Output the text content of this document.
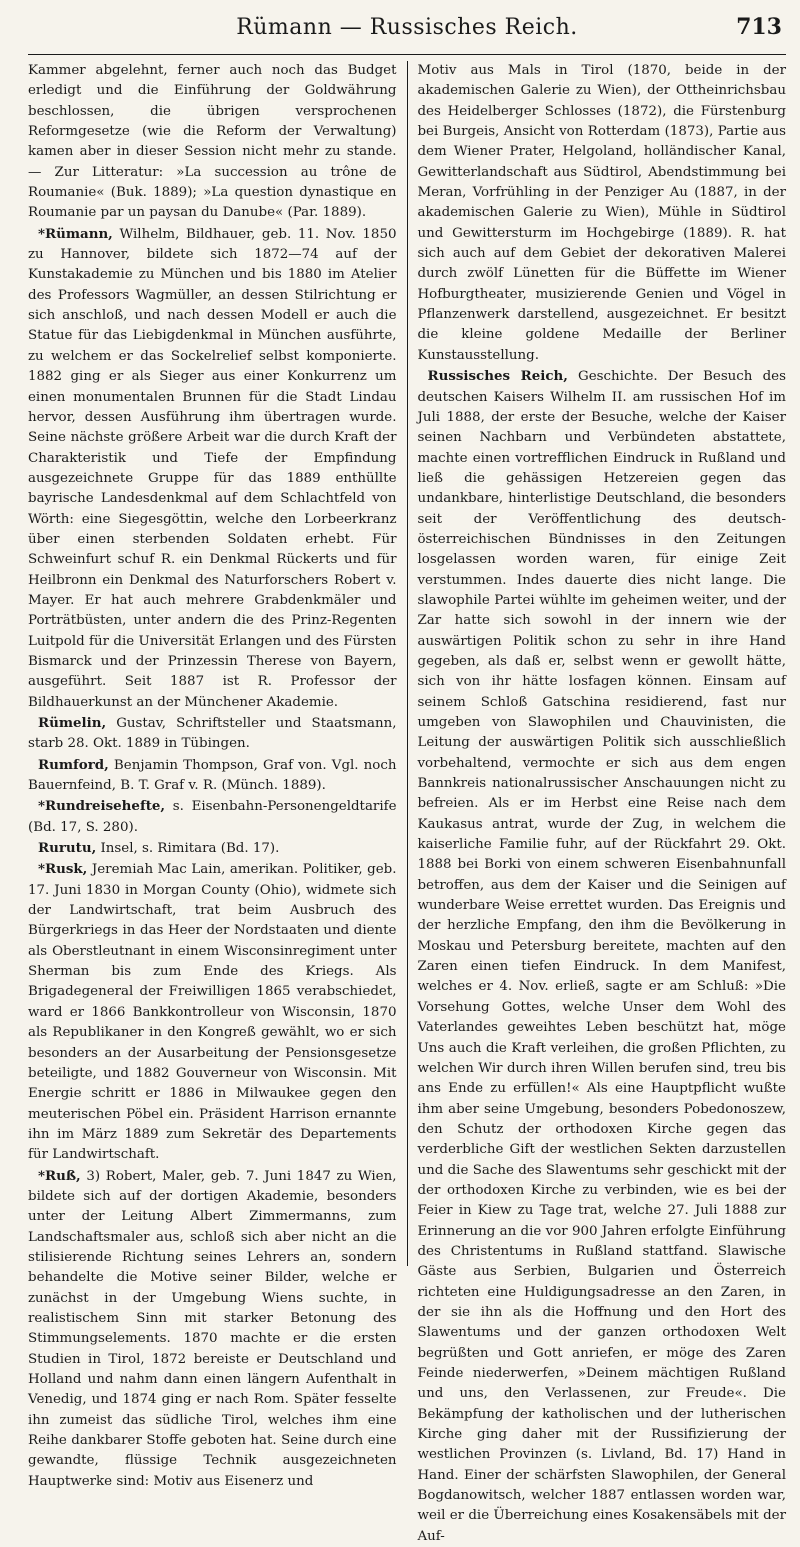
Rümann — Russisches Reich.	713

Kammer abgelehnt, ferner auch noch das Budget erledigt und die Einführung der Goldwährung beschlossen, die übrigen versprochenen Reformgesetze (wie die Reform der Verwaltung) kamen aber in dieser Session nicht mehr zu stande. — Zur Litteratur: »La succession au trône de Roumanie« (Buk. 1889); »La question dynastique en Roumanie par un paysan du Danube« (Par. 1889).

*Rümann, Wilhelm, Bildhauer, geb. 11. Nov. 1850 zu Hannover, bildete sich 1872—74 auf der Kunstakademie zu München und bis 1880 im Atelier des Professors Wagmüller, an dessen Stilrichtung er sich anschloß, und nach dessen Modell er auch die Statue für das Liebigdenkmal in München ausführte, zu welchem er das Sockelrelief selbst komponierte. 1882 ging er als Sieger aus einer Konkurrenz um einen monumentalen Brunnen für die Stadt Lindau hervor, dessen Ausführung ihm übertragen wurde. Seine nächste größere Arbeit war die durch Kraft der Charakteristik und Tiefe der Empfindung ausgezeichnete Gruppe für das 1889 enthüllte bayrische Landesdenkmal auf dem Schlachtfeld von Wörth: eine Siegesgöttin, welche den Lorbeerkranz über einen sterbenden Soldaten erhebt. Für Schweinfurt schuf R. ein Denkmal Rückerts und für Heilbronn ein Denkmal des Naturforschers Robert v. Mayer. Er hat auch mehrere Grabdenkmäler und Porträtbüsten, unter andern die des Prinz-Regenten Luitpold für die Universität Erlangen und des Fürsten Bismarck und der Prinzessin Therese von Bayern, ausgeführt. Seit 1887 ist R. Professor der Bildhauerkunst an der Münchener Akademie.

Rümelin, Gustav, Schriftsteller und Staatsmann, starb 28. Okt. 1889 in Tübingen.

Rumford, Benjamin Thompson, Graf von. Vgl. noch Bauernfeind, B. T. Graf v. R. (Münch. 1889).

*Rundreisehefte, s. Eisenbahn-Personengeldtarife (Bd. 17, S. 280).

Rurutu, Insel, s. Rimitara (Bd. 17).

*Rusk, Jeremiah Mac Lain, amerikan. Politiker, geb. 17. Juni 1830 in Morgan County (Ohio), widmete sich der Landwirtschaft, trat beim Ausbruch des Bürgerkriegs in das Heer der Nordstaaten und diente als Oberstleutnant in einem Wisconsinregiment unter Sherman bis zum Ende des Kriegs. Als Brigadegeneral der Freiwilligen 1865 verabschiedet, ward er 1866 Bankkontrolleur von Wisconsin, 1870 als Republikaner in den Kongreß gewählt, wo er sich besonders an der Ausarbeitung der Pensionsgesetze beteiligte, und 1882 Gouverneur von Wisconsin. Mit Energie schritt er 1886 in Milwaukee gegen den meuterischen Pöbel ein. Präsident Harrison ernannte ihn im März 1889 zum Sekretär des Departements für Landwirtschaft.

*Ruß, 3) Robert, Maler, geb. 7. Juni 1847 zu Wien, bildete sich auf der dortigen Akademie, besonders unter der Leitung Albert Zimmermanns, zum Landschaftsmaler aus, schloß sich aber nicht an die stilisierende Richtung seines Lehrers an, sondern behandelte die Motive seiner Bilder, welche er zunächst in der Umgebung Wiens suchte, in realistischem Sinn mit starker Betonung des Stimmungselements. 1870 machte er die ersten Studien in Tirol, 1872 bereiste er Deutschland und Holland und nahm dann einen längern Aufenthalt in Venedig, und 1874 ging er nach Rom. Später fesselte ihn zumeist das südliche Tirol, welches ihm eine Reihe dankbarer Stoffe geboten hat. Seine durch eine gewandte, flüssige Technik ausgezeichneten Hauptwerke sind: Motiv aus Eisenerz und

Motiv aus Mals in Tirol (1870, beide in der akademischen Galerie zu Wien), der Ottheinrichsbau des Heidelberger Schlosses (1872), die Fürstenburg bei Burgeis, Ansicht von Rotterdam (1873), Partie aus dem Wiener Prater, Helgoland, holländischer Kanal, Gewitterlandschaft aus Südtirol, Abendstimmung bei Meran, Vorfrühling in der Penziger Au (1887, in der akademischen Galerie zu Wien), Mühle in Südtirol und Gewittersturm im Hochgebirge (1889). R. hat sich auch auf dem Gebiet der dekorativen Malerei durch zwölf Lünetten für die Büffette im Wiener Hofburgtheater, musizierende Genien und Vögel in Pflanzenwerk darstellend, ausgezeichnet. Er besitzt die kleine goldene Medaille der Berliner Kunstausstellung.

Russisches Reich, Geschichte. Der Besuch des deutschen Kaisers Wilhelm II. am russischen Hof im Juli 1888, der erste der Besuche, welche der Kaiser seinen Nachbarn und Verbündeten abstattete, machte einen vortrefflichen Eindruck in Rußland und ließ die gehässigen Hetzereien gegen das undankbare, hinterlistige Deutschland, die besonders seit der Veröffentlichung des deutsch-österreichischen Bündnisses in den Zeitungen losgelassen worden waren, für einige Zeit verstummen. Indes dauerte dies nicht lange. Die slawophile Partei wühlte im geheimen weiter, und der Zar hatte sich sowohl in der innern wie der auswärtigen Politik schon zu sehr in ihre Hand gegeben, als daß er, selbst wenn er gewollt hätte, sich von ihr hätte losfagen können. Einsam auf seinem Schloß Gatschina residierend, fast nur umgeben von Slawophilen und Chauvinisten, die Leitung der auswärtigen Politik sich ausschließlich vorbehaltend, vermochte er sich aus dem engen Bannkreis nationalrussischer Anschauungen nicht zu befreien. Als er im Herbst eine Reise nach dem Kaukasus antrat, wurde der Zug, in welchem die kaiserliche Familie fuhr, auf der Rückfahrt 29. Okt. 1888 bei Borki von einem schweren Eisenbahnunfall betroffen, aus dem der Kaiser und die Seinigen auf wunderbare Weise errettet wurden. Das Ereignis und der herzliche Empfang, den ihm die Bevölkerung in Moskau und Petersburg bereitete, machten auf den Zaren einen tiefen Eindruck. In dem Manifest, welches er 4. Nov. erließ, sagte er am Schluß: »Die Vorsehung Gottes, welche Unser dem Wohl des Vaterlandes geweihtes Leben beschützt hat, möge Uns auch die Kraft verleihen, die großen Pflichten, zu welchen Wir durch ihren Willen berufen sind, treu bis ans Ende zu erfüllen!« Als eine Hauptpflicht wußte ihm aber seine Umgebung, besonders Pobedonoszew, den Schutz der orthodoxen Kirche gegen das verderbliche Gift der westlichen Sekten darzustellen und die Sache des Slawentums sehr geschickt mit der der orthodoxen Kirche zu verbinden, wie es bei der Feier in Kiew zu Tage trat, welche 27. Juli 1888 zur Erinnerung an die vor 900 Jahren erfolgte Einführung des Christentums in Rußland stattfand. Slawische Gäste aus Serbien, Bulgarien und Österreich richteten eine Huldigungsadresse an den Zaren, in der sie ihn als die Hoffnung und den Hort des Slawentums und der ganzen orthodoxen Welt begrüßten und Gott anriefen, er möge des Zaren Feinde niederwerfen, »Deinem mächtigen Rußland und uns, den Verlassenen, zur Freude«. Die Bekämpfung der katholischen und der lutherischen Kirche ging daher mit der Russifizierung der westlichen Provinzen (s. Livland, Bd. 17) Hand in Hand. Einer der schärfsten Slawophilen, der General Bogdanowitsch, welcher 1887 entlassen worden war, weil er die Überreichung eines Kosakensäbels mit der Auf-
